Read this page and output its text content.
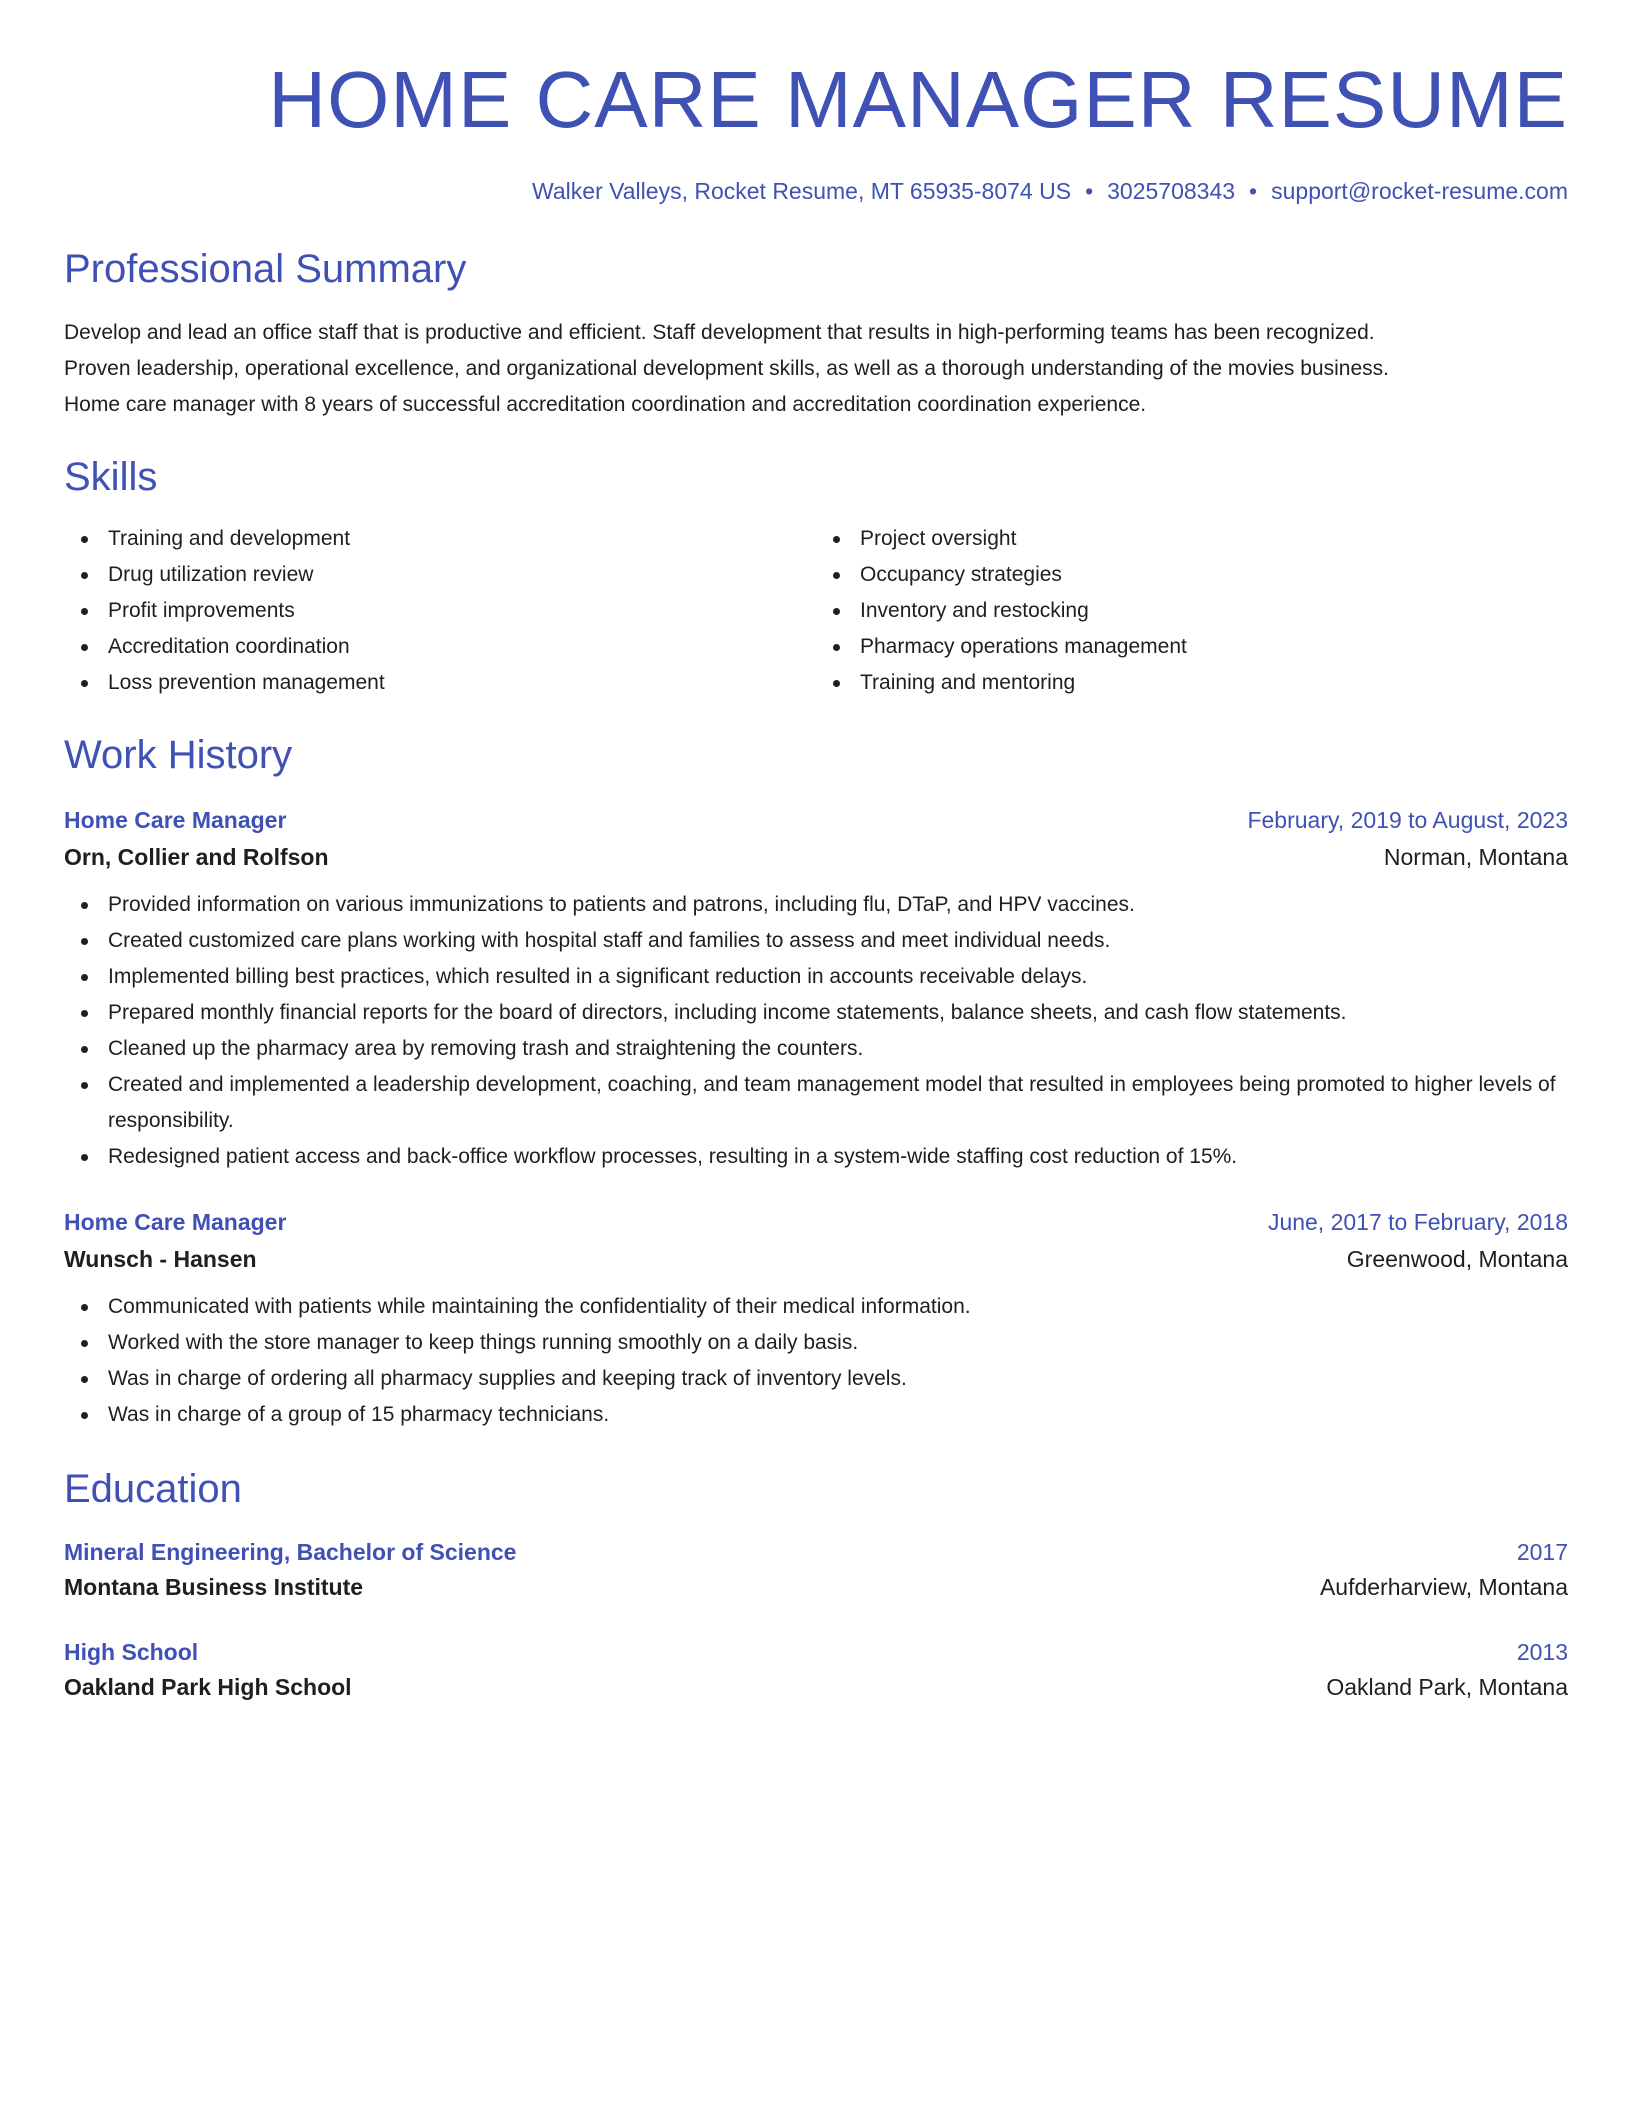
HOME CARE MANAGER RESUME
Walker Valleys, Rocket Resume, MT 65935-8074 US • 3025708343 • support@rocket-resume.com
Professional Summary
Develop and lead an office staff that is productive and efficient. Staff development that results in high-performing teams has been recognized.
Proven leadership, operational excellence, and organizational development skills, as well as a thorough understanding of the movies business.
Home care manager with 8 years of successful accreditation coordination and accreditation coordination experience.
Skills
Training and development
Drug utilization review
Profit improvements
Accreditation coordination
Loss prevention management
Project oversight
Occupancy strategies
Inventory and restocking
Pharmacy operations management
Training and mentoring
Work History
Home Care Manager	February, 2019 to August, 2023
Orn, Collier and Rolfson	Norman, Montana
Provided information on various immunizations to patients and patrons, including flu, DTaP, and HPV vaccines.
Created customized care plans working with hospital staff and families to assess and meet individual needs.
Implemented billing best practices, which resulted in a significant reduction in accounts receivable delays.
Prepared monthly financial reports for the board of directors, including income statements, balance sheets, and cash flow statements.
Cleaned up the pharmacy area by removing trash and straightening the counters.
Created and implemented a leadership development, coaching, and team management model that resulted in employees being promoted to higher levels of responsibility.
Redesigned patient access and back-office workflow processes, resulting in a system-wide staffing cost reduction of 15%.
Home Care Manager	June, 2017 to February, 2018
Wunsch - Hansen	Greenwood, Montana
Communicated with patients while maintaining the confidentiality of their medical information.
Worked with the store manager to keep things running smoothly on a daily basis.
Was in charge of ordering all pharmacy supplies and keeping track of inventory levels.
Was in charge of a group of 15 pharmacy technicians.
Education
Mineral Engineering, Bachelor of Science	2017
Montana Business Institute	Aufderharview, Montana
High School	2013
Oakland Park High School	Oakland Park, Montana
